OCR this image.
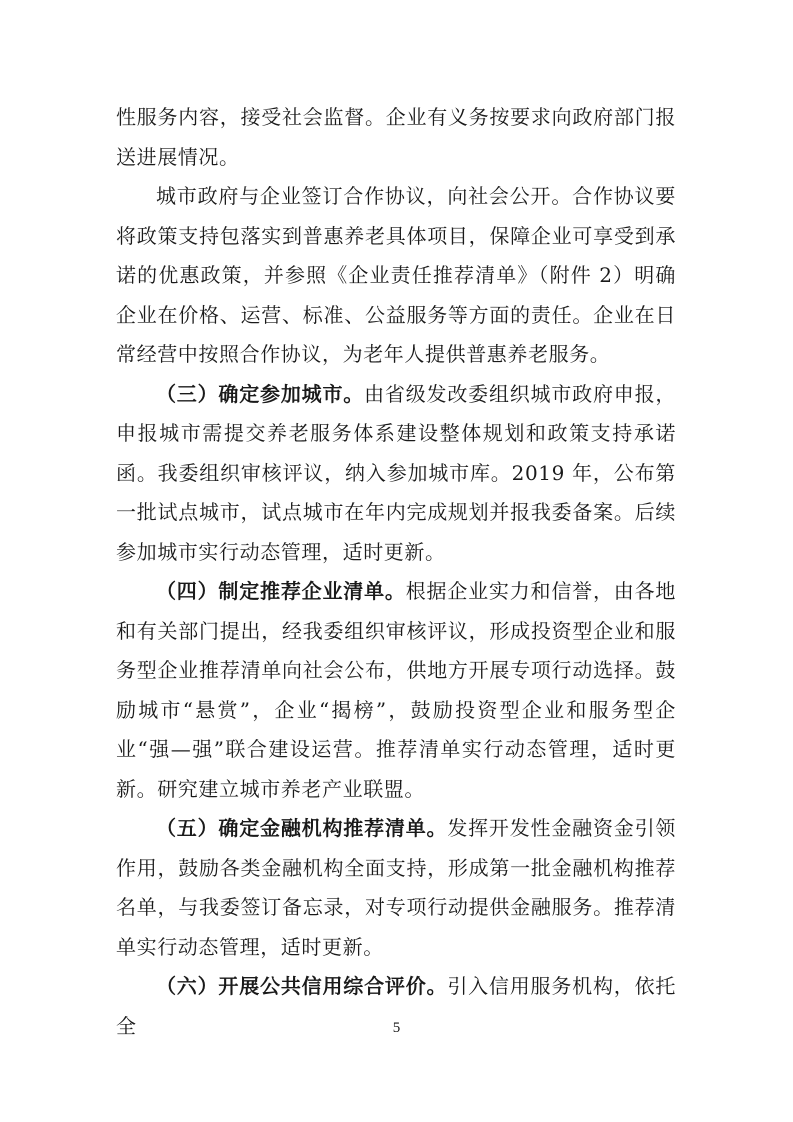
性服务内容，接受社会监督。企业有义务按要求向政府部门报送进展情况。

城市政府与企业签订合作协议，向社会公开。合作协议要将政策支持包落实到普惠养老具体项目，保障企业可享受到承诺的优惠政策，并参照《企业责任推荐清单》（附件 2）明确企业在价格、运营、标准、公益服务等方面的责任。企业在日常经营中按照合作协议，为老年人提供普惠养老服务。

（三）确定参加城市。由省级发改委组织城市政府申报，申报城市需提交养老服务体系建设整体规划和政策支持承诺函。我委组织审核评议，纳入参加城市库。2019 年，公布第一批试点城市，试点城市在年内完成规划并报我委备案。后续参加城市实行动态管理，适时更新。

（四）制定推荐企业清单。根据企业实力和信誉，由各地和有关部门提出，经我委组织审核评议，形成投资型企业和服务型企业推荐清单向社会公布，供地方开展专项行动选择。鼓励城市“悬赏”，企业“揭榜”，鼓励投资型企业和服务型企业“强—强”联合建设运营。推荐清单实行动态管理，适时更新。研究建立城市养老产业联盟。

（五）确定金融机构推荐清单。发挥开发性金融资金引领作用，鼓励各类金融机构全面支持，形成第一批金融机构推荐名单，与我委签订备忘录，对专项行动提供金融服务。推荐清单实行动态管理，适时更新。

（六）开展公共信用综合评价。引入信用服务机构，依托全	5
